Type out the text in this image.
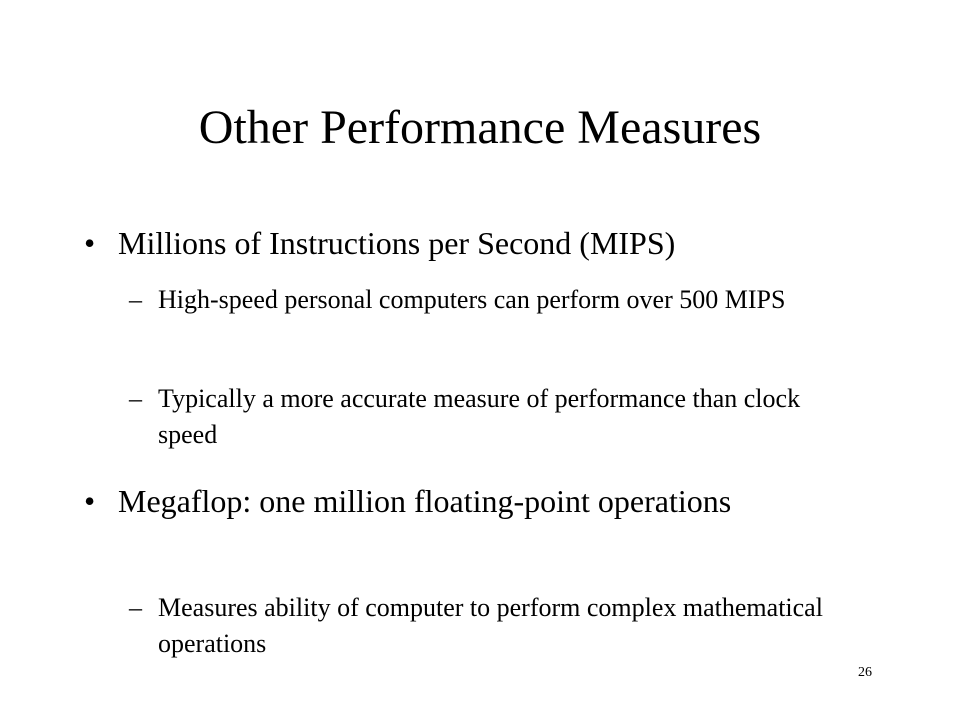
Other Performance Measures
• Millions of Instructions per Second (MIPS)
– High-speed personal computers can perform over 500 MIPS
– Typically a more accurate measure of performance than clock speed
• Megaflop: one million floating-point operations
– Measures ability of computer to perform complex mathematical operations
26
